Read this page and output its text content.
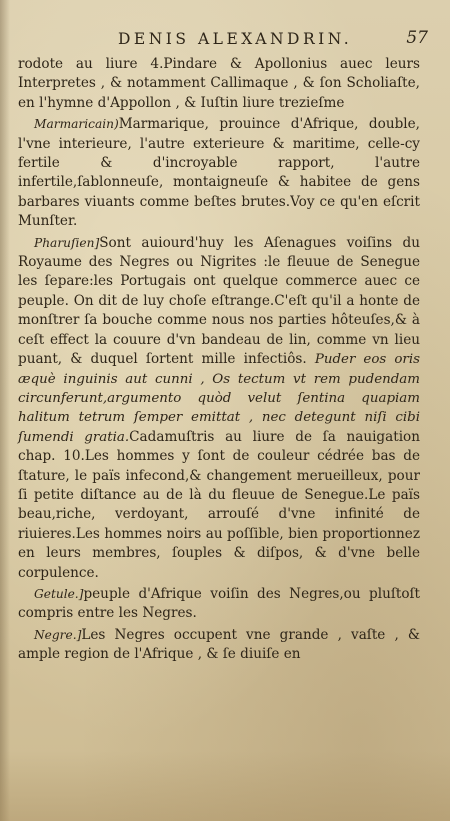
DENIS ALEXANDRIN.	57

rodote au liure 4.Pindare & Apollonius auec leurs Interpretes , & notamment Callimaque , & ſon Scholiaſte, en l'hymne d'Appollon , & Iuſtin liure trezieſme

Marmaricain)Marmarique, prouince d'Afrique, double, l'vne interieure, l'autre exterieure & maritime, celle-cy fertile & d'incroyable rapport, l'autre infertile,ſablonneuſe, montaigneuſe & habitee de gens barbares viuants comme beſtes brutes.Voy ce qu'en eſcrit Munſter.

Pharuſien]Sont auiourd'huy les Aſenagues voiſins du Royaume des Negres ou Nigrites :le fleuue de Senegue les ſepare:les Portugais ont quelque commerce auec ce peuple. On dit de luy choſe eſtrange.C'eſt qu'il a honte de monſtrer ſa bouche comme nous nos parties hôteuſes,& à ceſt effect la couure d'vn bandeau de lin, comme vn lieu puant, & duquel ſortent mille infectiôs. Puder eos oris æquè inguinis aut cunni , Os tectum vt rem pudendam circunferunt,argumento quòd velut ſentina quapiam halitum tetrum ſemper emittat , nec detegunt niſi cibi ſumendi gratia.Cadamuſtris au liure de ſa nauigation chap. 10.Les hommes y ſont de couleur cédrée bas de ſtature, le païs infecond,& changement merueilleux, pour ſi petite diſtance au de là du fleuue de Senegue.Le païs beau,riche, verdoyant, arrouſé d'vne infinité de riuieres.Les hommes noirs au poſſible, bien proportionnez en leurs membres, ſouples & diſpos, & d'vne belle corpulence.

Getule.]peuple d'Afrique voiſin des Negres,ou pluſtoſt compris entre les Negres.

Negre.]Les Negres occupent vne grande , vaſte , & ample region de l'Afrique , & ſe diuiſe en
